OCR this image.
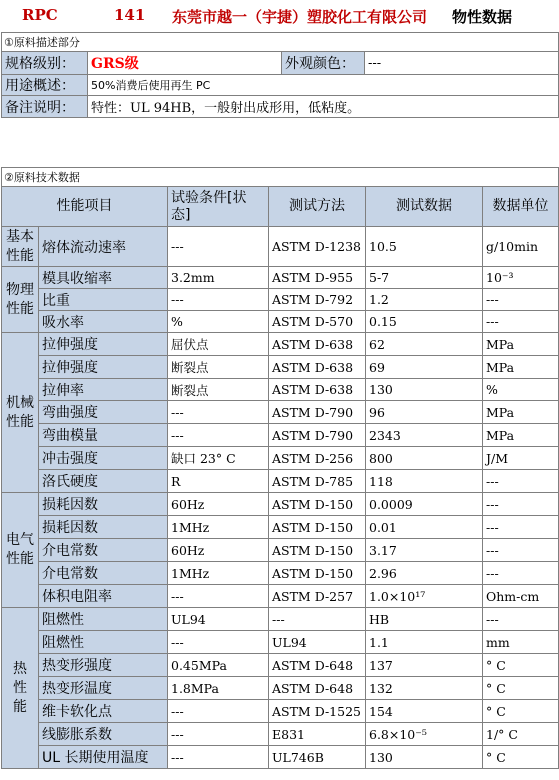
RPC	141 东莞市越一（宇捷）塑胶化工有限公司 物性数据
①原料描述部分			
规格级别：	GRS级	外观颜色：	---
用途概述：	50%消费后使用再生 PC		
备注说明：	特性：UL 94HB，一般射出成形用，低粘度。		
②原料技术数据					
性能项目		试验条件[状态]	测试方法	测试数据	数据单位
基本
性能	熔体流动速率	---	ASTM D-1238	10.5	g/10min
物理
性能	模具收缩率	3.2mm	ASTM D-955	5-7	10⁻³
	比重	---	ASTM D-792	1.2	---
	吸水率	%	ASTM D-570	0.15	---
机械
性能	拉伸强度	屈伏点	ASTM D-638	62	MPa
	拉伸强度	断裂点	ASTM D-638	69	MPa
	拉伸率	断裂点	ASTM D-638	130	%
	弯曲强度	---	ASTM D-790	96	MPa
	弯曲模量	---	ASTM D-790	2343	MPa
	冲击强度	缺口 23° C	ASTM D-256	800	J/M
	洛氏硬度	R	ASTM D-785	118	---
电气
性能	损耗因数	60Hz	ASTM D-150	0.0009	---
	损耗因数	1MHz	ASTM D-150	0.01	---
	介电常数	60Hz	ASTM D-150	3.17	---
	介电常数	1MHz	ASTM D-150	2.96	---
	体积电阻率	---	ASTM D-257	1.0×10¹⁷	Ohm-cm
热
性
能	阻燃性	UL94	---	HB	---
	阻燃性	---	UL94	1.1	mm
	热变形强度	0.45MPa	ASTM D-648	137	° C
	热变形温度	1.8MPa	ASTM D-648	132	° C
	维卡软化点	---	ASTM D-1525	154	° C
	线膨胀系数	---	E831	6.8×10⁻⁵	1/° C
	UL 长期使用温度	---	UL746B	130	° C
